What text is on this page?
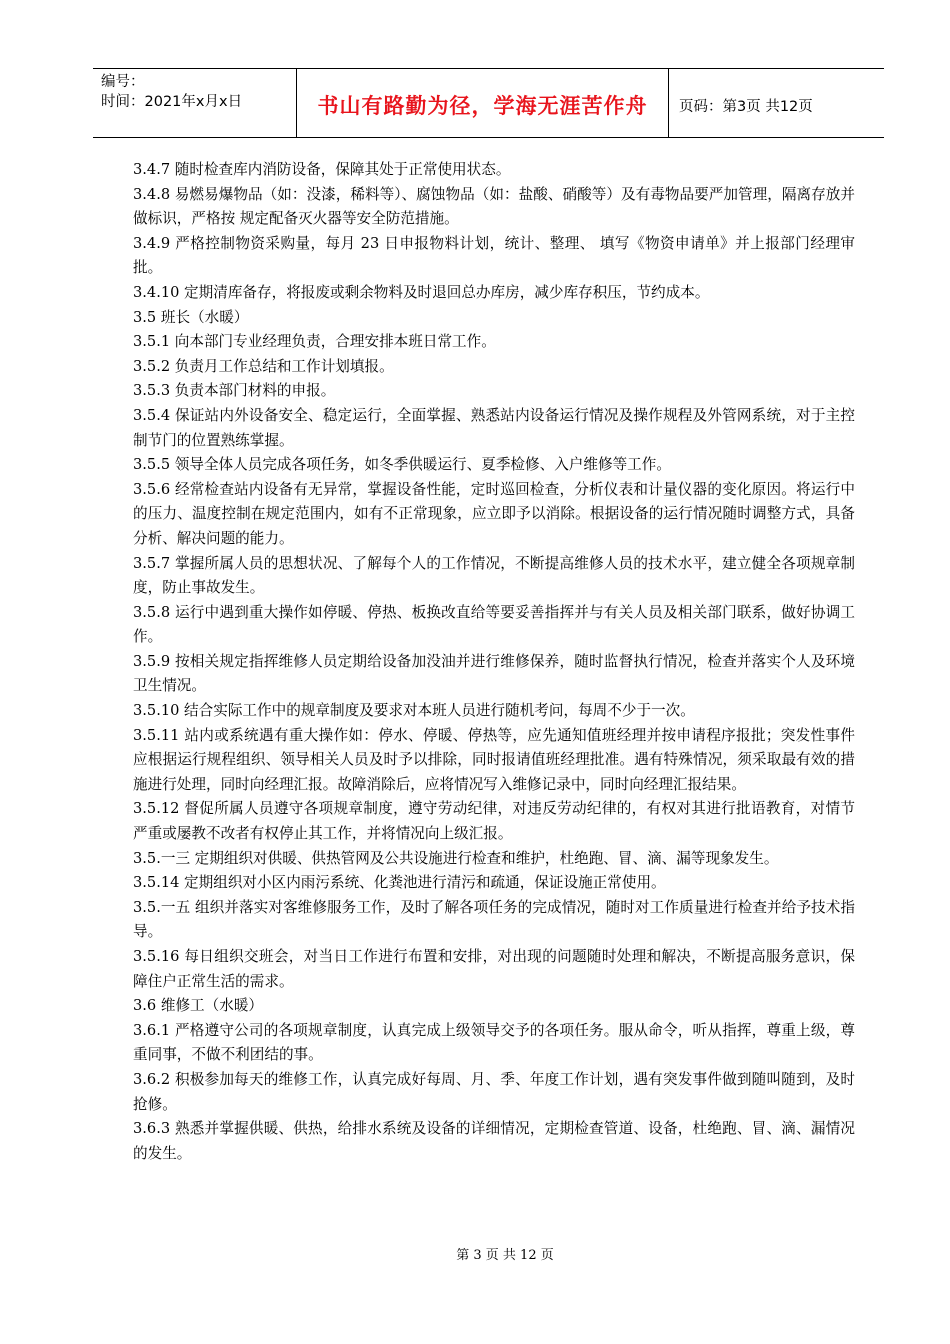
编号：
时间：2021年x月x日	书山有路勤为径，学海无涯苦作舟	页码：第3页 共12页

3.4.7 随时检查库内消防设备，保障其处于正常使用状态。

3.4.8 易燃易爆物品（如：没漆，稀料等）、腐蚀物品（如：盐酸、硝酸等）及有毒物品要严加管理，隔离存放并做标识，严格按 规定配备灭火器等安全防范措施。

3.4.9 严格控制物资采购量，每月 23 日申报物料计划，统计、整理、 填写《物资申请单》并上报部门经理审批。

3.4.10 定期清库备存，将报废或剩余物料及时退回总办库房，减少库存积压，节约成本。

3.5 班长（水暖）

3.5.1 向本部门专业经理负责，合理安排本班日常工作。

3.5.2 负责月工作总结和工作计划填报。

3.5.3 负责本部门材料的申报。

3.5.4 保证站内外设备安全、稳定运行，全面掌握、熟悉站内设备运行情况及操作规程及外管网系统，对于主控制节门的位置熟练掌握。

3.5.5 领导全体人员完成各项任务，如冬季供暖运行、夏季检修、入户维修等工作。

3.5.6 经常检查站内设备有无异常，掌握设备性能，定时巡回检查，分析仪表和计量仪器的变化原因。将运行中的压力、温度控制在规定范围内，如有不正常现象，应立即予以消除。根据设备的运行情况随时调整方式，具备分析、解决问题的能力。

3.5.7 掌握所属人员的思想状况、了解每个人的工作情况，不断提高维修人员的技术水平，建立健全各项规章制度，防止事故发生。

3.5.8 运行中遇到重大操作如停暖、停热、板换改直给等要妥善指挥并与有关人员及相关部门联系，做好协调工作。

3.5.9 按相关规定指挥维修人员定期给设备加没油并进行维修保养，随时监督执行情况，检查并落实个人及环境卫生情况。

3.5.10 结合实际工作中的规章制度及要求对本班人员进行随机考问，每周不少于一次。

3.5.11 站内或系统遇有重大操作如：停水、停暖、停热等，应先通知值班经理并按申请程序报批；突发性事件应根据运行规程组织、领导相关人员及时予以排除，同时报请值班经理批准。遇有特殊情况，须采取最有效的措施进行处理，同时向经理汇报。故障消除后，应将情况写入维修记录中，同时向经理汇报结果。

3.5.12 督促所属人员遵守各项规章制度，遵守劳动纪律，对违反劳动纪律的，有权对其进行批语教育，对情节严重或屡教不改者有权停止其工作，并将情况向上级汇报。

3.5.一三 定期组织对供暖、供热管网及公共设施进行检查和维护，杜绝跑、冒、滴、漏等现象发生。

3.5.14 定期组织对小区内雨污系统、化粪池进行清污和疏通，保证设施正常使用。

3.5.一五 组织并落实对客维修服务工作，及时了解各项任务的完成情况，随时对工作质量进行检查并给予技术指导。

3.5.16 每日组织交班会，对当日工作进行布置和安排，对出现的问题随时处理和解决，不断提高服务意识，保障住户正常生活的需求。

3.6 维修工（水暖）

3.6.1 严格遵守公司的各项规章制度，认真完成上级领导交予的各项任务。服从命令，听从指挥，尊重上级，尊重同事，不做不利团结的事。

3.6.2 积极参加每天的维修工作，认真完成好每周、月、季、年度工作计划，遇有突发事件做到随叫随到，及时抢修。

3.6.3 熟悉并掌握供暖、供热，给排水系统及设备的详细情况，定期检查管道、设备，杜绝跑、冒、滴、漏情况的发生。

第 3 页 共 12 页
